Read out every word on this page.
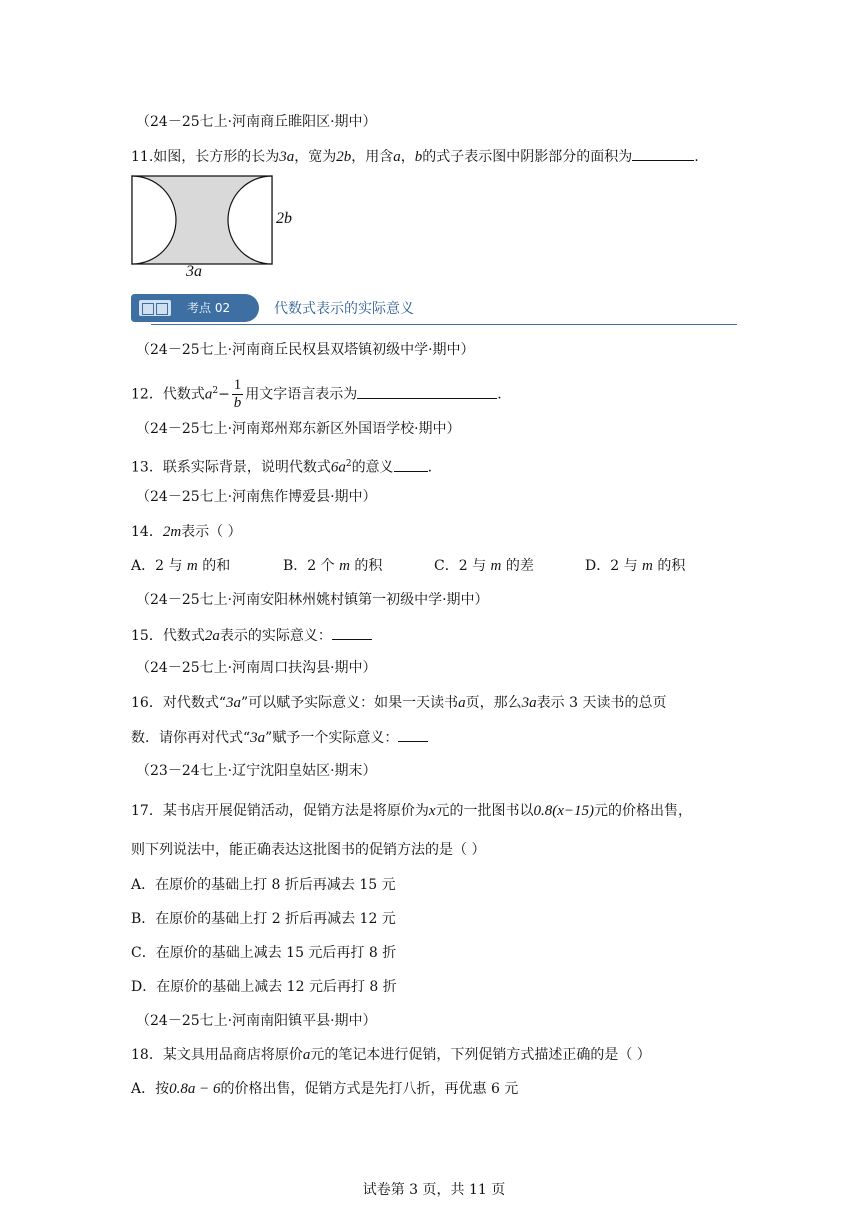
（24－25七上·河南商丘睢阳区·期中）
11.如图，长方形的长为3a，宽为2b，用含a，b的式子表示图中阴影部分的面积为	.
2b
3a
考点 02	代数式表示的实际意义
（24－25七上·河南商丘民权县双塔镇初级中学·期中）
12．代数式$a^2- \frac{1}{b}$ 用文字语言表示为	.
（24－25七上·河南郑州郑东新区外国语学校·期中）
13．联系实际背景，说明代数式$6a^2$的意义 .
（24－25七上·河南焦作博爱县·期中）
14．2m表示（ ）
A．2 与 m 的和	B．2 个 m 的积	C．2 与 m 的差	D．2 与 m 的积
（24－25七上·河南安阳林州姚村镇第一初级中学·期中）
15．代数式2a表示的实际意义：
（24－25七上·河南周口扶沟县·期中）
16．对代数式“3a”可以赋予实际意义：如果一天读书a页，那么3a表示 3 天读书的总页
数．请你再对代式“3a”赋予一个实际意义：
（23－24七上·辽宁沈阳皇姑区·期末）
17．某书店开展促销活动，促销方法是将原价为x元的一批图书以0.8(x−15)元的价格出售，
则下列说法中，能正确表达这批图书的促销方法的是（ ）
A．在原价的基础上打 8 折后再减去 15 元
B．在原价的基础上打 2 折后再减去 12 元
C．在原价的基础上减去 15 元后再打 8 折
D．在原价的基础上减去 12 元后再打 8 折
（24－25七上·河南南阳镇平县·期中）
18．某文具用品商店将原价a元的笔记本进行促销，下列促销方式描述正确的是（ ）
A．按0.8a − 6的价格出售，促销方式是先打八折，再优惠 6 元
试卷第 3 页，共 11 页
